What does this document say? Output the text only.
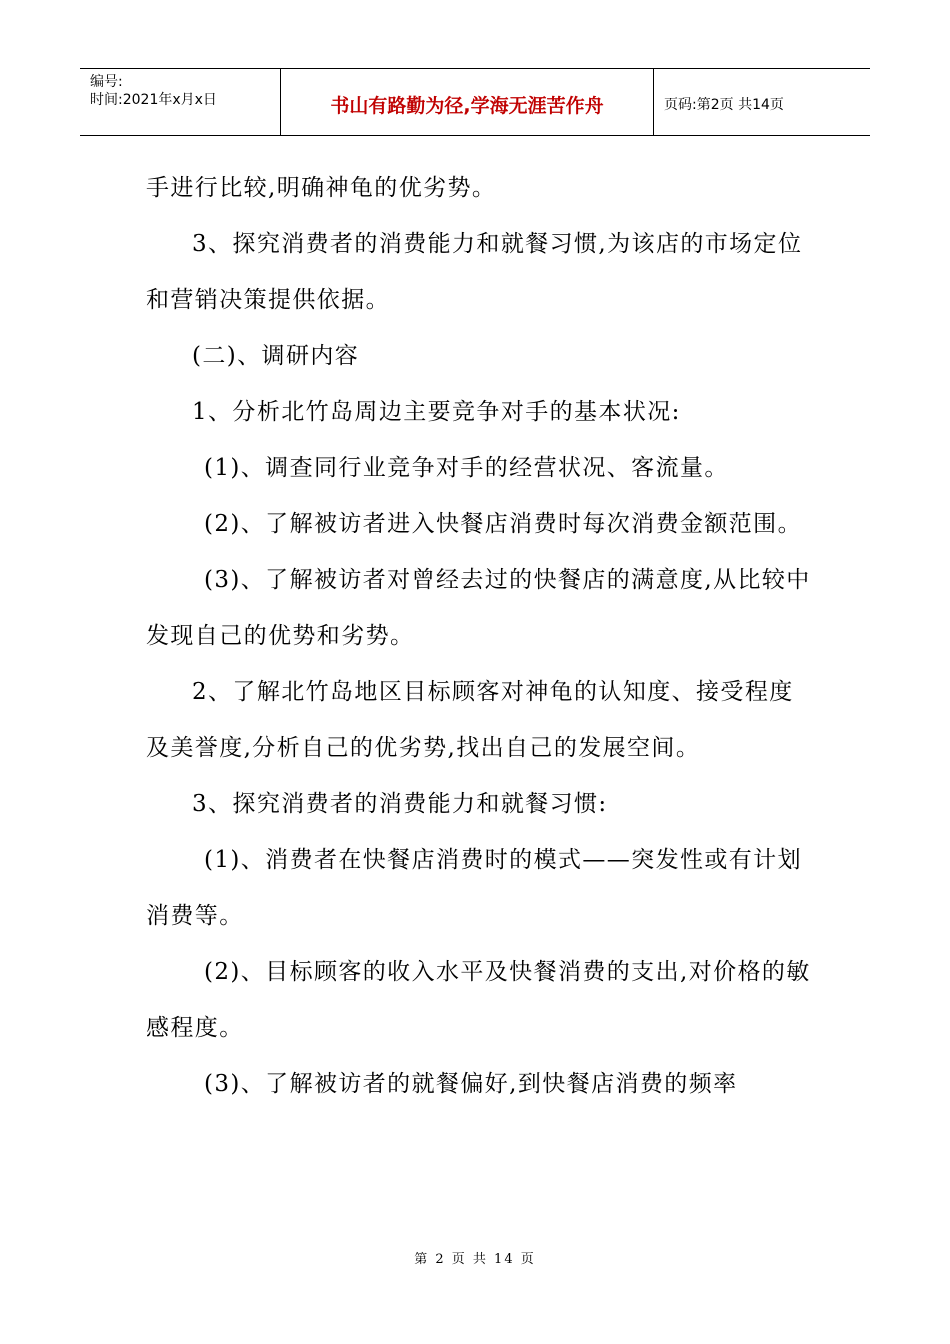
编号:
时间:2021年x月x日	书山有路勤为径,学海无涯苦作舟	页码:第2页 共14页

手进行比较,明确神龟的优劣势。

3、探究消费者的消费能力和就餐习惯,为该店的市场定位和营销决策提供依据。

(二)、调研内容

1、分析北竹岛周边主要竞争对手的基本状况:

(1)、调查同行业竞争对手的经营状况、客流量。

(2)、了解被访者进入快餐店消费时每次消费金额范围。

(3)、了解被访者对曾经去过的快餐店的满意度,从比较中发现自己的优势和劣势。

2、了解北竹岛地区目标顾客对神龟的认知度、接受程度及美誉度,分析自己的优劣势,找出自己的发展空间。

3、探究消费者的消费能力和就餐习惯:

(1)、消费者在快餐店消费时的模式——突发性或有计划消费等。

(2)、目标顾客的收入水平及快餐消费的支出,对价格的敏感程度。

(3)、了解被访者的就餐偏好,到快餐店消费的频率

第 2 页 共 14 页
